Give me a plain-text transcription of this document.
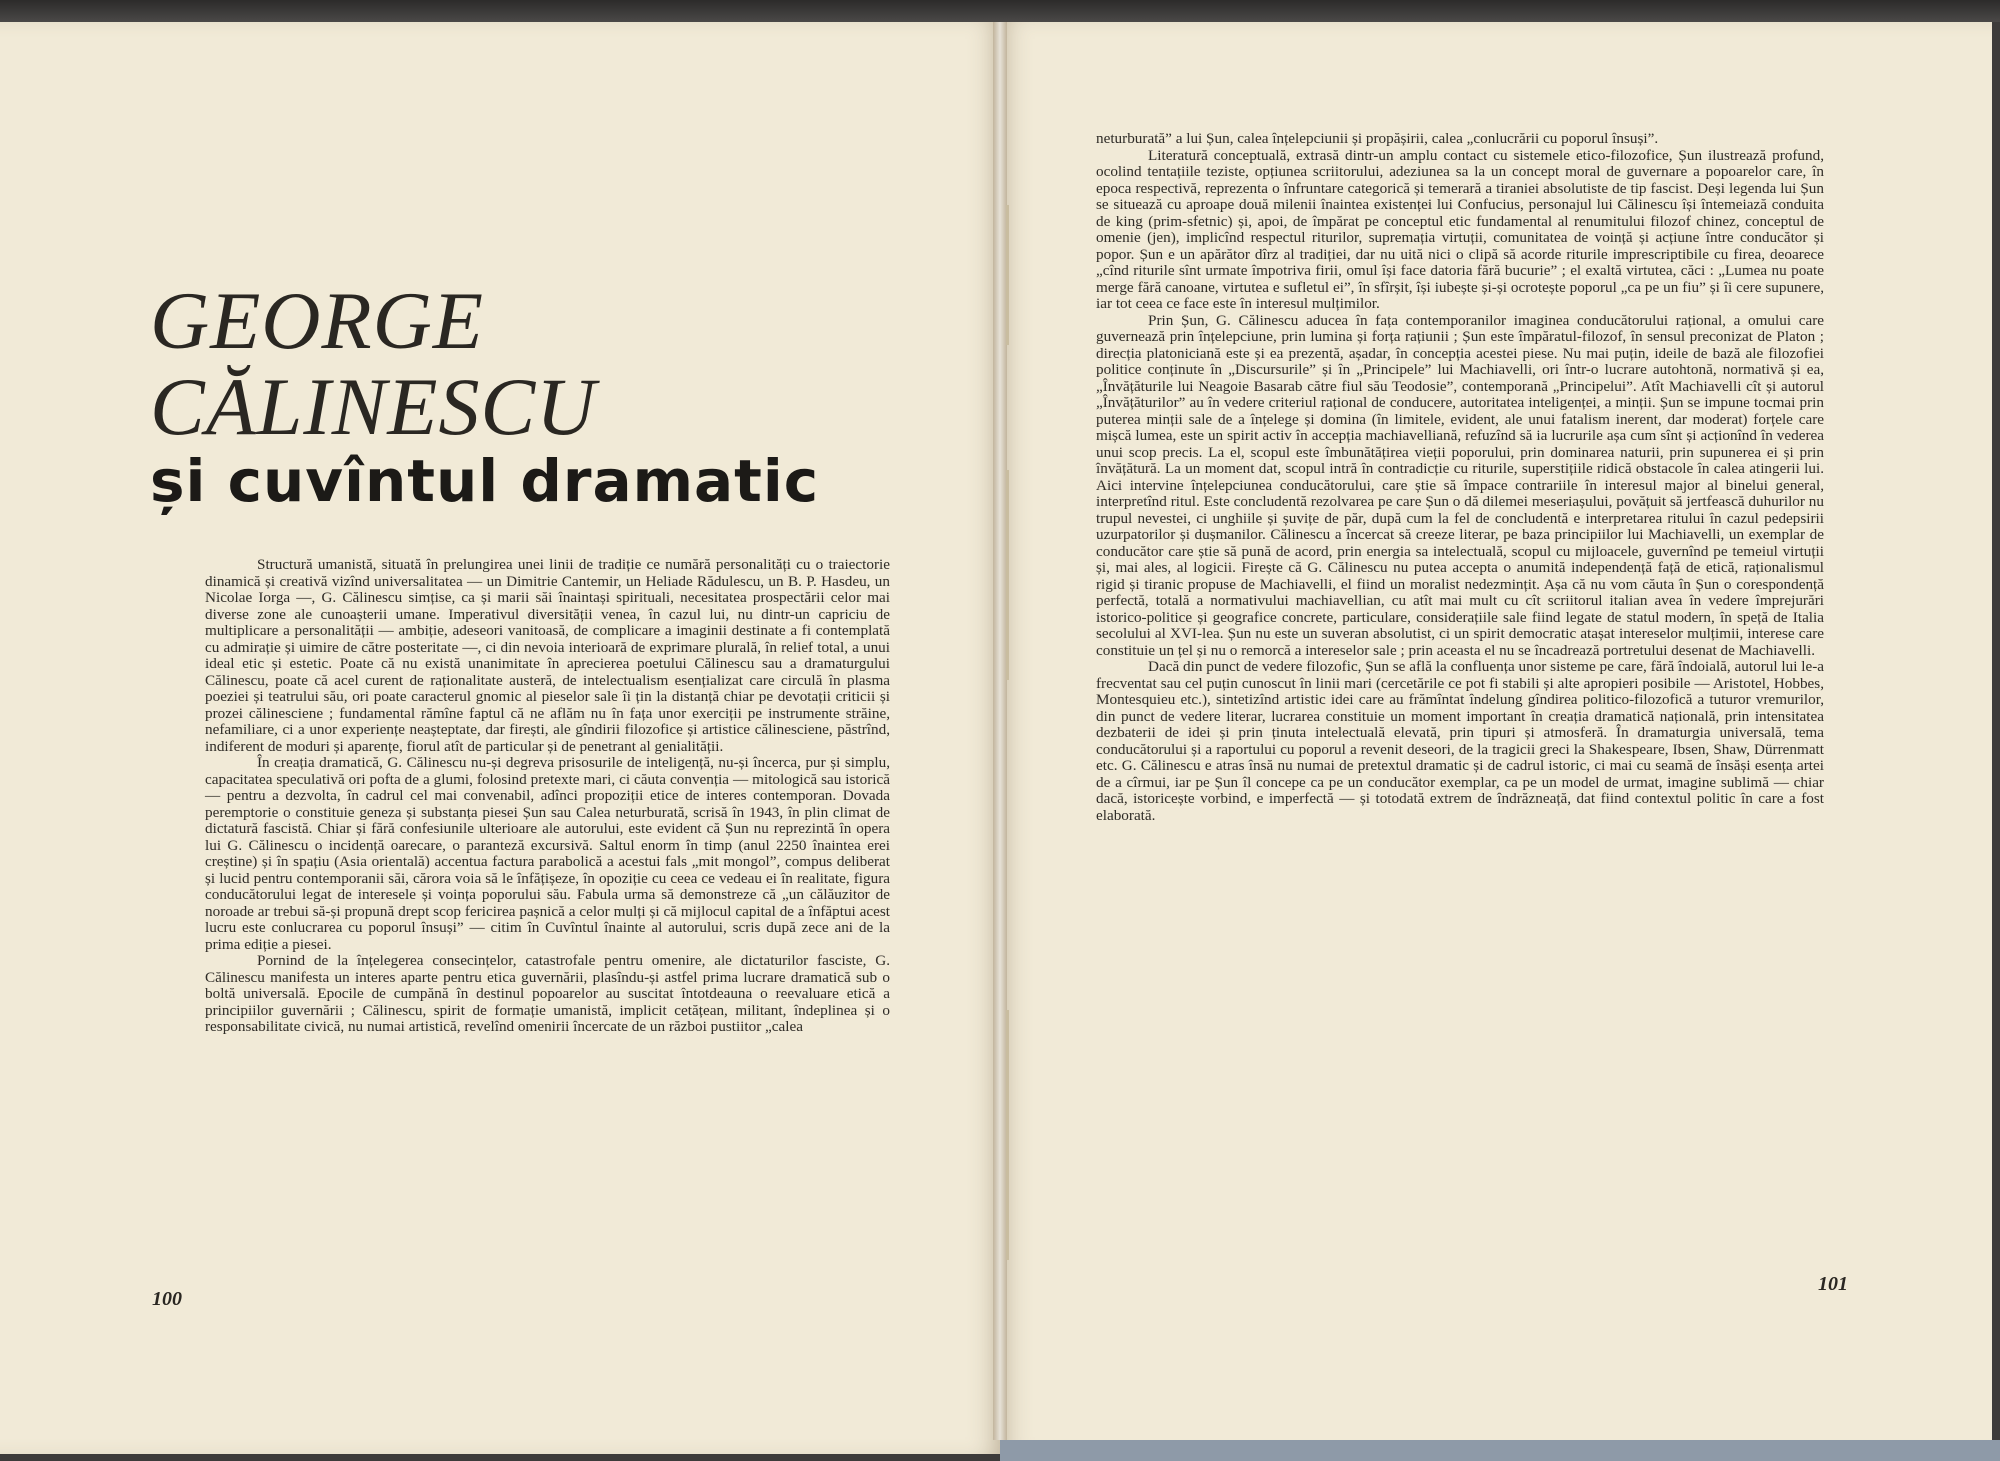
GEORGE
CĂLINESCU
și cuvîntul dramatic

Structură umanistă, situată în prelungirea unei linii de tradiție ce numără personalități cu o traiectorie dinamică și creativă vizînd universalitatea — un Dimitrie Cantemir, un Heliade Rădulescu, un B. P. Hasdeu, un Nicolae Iorga —, G. Călinescu simțise, ca și marii săi înaintași spirituali, necesitatea prospectării celor mai diverse zone ale cunoașterii umane. Imperativul diversității venea, în cazul lui, nu dintr-un capriciu de multiplicare a personalității — ambiție, adeseori vanitoasă, de complicare a imaginii destinate a fi contemplată cu admirație și uimire de către posteritate —, ci din nevoia interioară de exprimare plurală, în relief total, a unui ideal etic și estetic. Poate că nu există unanimitate în aprecierea poetului Călinescu sau a dramaturgului Călinescu, poate că acel curent de raționalitate austeră, de intelectualism esențializat care circulă în plasma poeziei și teatrului său, ori poate caracterul gnomic al pieselor sale îi țin la distanță chiar pe devotații criticii și prozei călinesciene ; fundamental rămîne faptul că ne aflăm nu în fața unor exerciții pe instrumente străine, nefamiliare, ci a unor experiențe neașteptate, dar firești, ale gîndirii filozofice și artistice călinesciene, păstrînd, indiferent de moduri și aparențe, fiorul atît de particular și de penetrant al genialității.

În creația dramatică, G. Călinescu nu-și degreva prisosurile de inteligență, nu-și încerca, pur și simplu, capacitatea speculativă ori pofta de a glumi, folosind pretexte mari, ci căuta convenția — mitologică sau istorică — pentru a dezvolta, în cadrul cel mai convenabil, adînci propoziții etice de interes contemporan. Dovada peremptorie o constituie geneza și substanța piesei Șun sau Calea neturburată, scrisă în 1943, în plin climat de dictatură fascistă. Chiar și fără confesiunile ulterioare ale autorului, este evident că Șun nu reprezintă în opera lui G. Călinescu o incidență oarecare, o paranteză excursivă. Saltul enorm în timp (anul 2250 înaintea erei creștine) și în spațiu (Asia orientală) accentua factura parabolică a acestui fals „mit mongol”, compus deliberat și lucid pentru contemporanii săi, cărora voia să le înfățișeze, în opoziție cu ceea ce vedeau ei în realitate, figura conducătorului legat de interesele și voința poporului său. Fabula urma să demonstreze că „un călăuzitor de noroade ar trebui să-și propună drept scop fericirea pașnică a celor mulți și că mijlocul capital de a înfăptui acest lucru este conlucrarea cu poporul însuși” — citim în Cuvîntul înainte al autorului, scris după zece ani de la prima ediție a piesei.

Pornind de la înțelegerea consecințelor, catastrofale pentru omenire, ale dictaturilor fasciste, G. Călinescu manifesta un interes aparte pentru etica guvernării, plasîndu-și astfel prima lucrare dramatică sub o boltă universală. Epocile de cumpănă în destinul popoarelor au suscitat întotdeauna o reevaluare etică a principiilor guvernării ; Călinescu, spirit de formație umanistă, implicit cetățean, militant, îndeplinea și o responsabilitate civică, nu numai artistică, revelînd omenirii încercate de un război pustiitor „calea

neturburată” a lui Șun, calea înțelepciunii și propășirii, calea „conlucrării cu poporul însuși”.

Literatură conceptuală, extrasă dintr-un amplu contact cu sistemele etico-filozofice, Șun ilustrează profund, ocolind tentațiile teziste, opțiunea scriitorului, adeziunea sa la un concept moral de guvernare a popoarelor care, în epoca respectivă, reprezenta o înfruntare categorică și temerară a tiraniei absolutiste de tip fascist. Deși legenda lui Șun se situează cu aproape două milenii înaintea existenței lui Confucius, personajul lui Călinescu își întemeiază conduita de king (prim-sfetnic) și, apoi, de împărat pe conceptul etic fundamental al renumitului filozof chinez, conceptul de omenie (jen), implicînd respectul riturilor, supremația virtuții, comunitatea de voință și acțiune între conducător și popor. Șun e un apărător dîrz al tradiției, dar nu uită nici o clipă să acorde riturile imprescriptibile cu firea, deoarece „cînd riturile sînt urmate împotriva firii, omul își face datoria fără bucurie” ; el exaltă virtutea, căci : „Lumea nu poate merge fără canoane, virtutea e sufletul ei”, în sfîrșit, își iubește și-și ocrotește poporul „ca pe un fiu” și îi cere supunere, iar tot ceea ce face este în interesul mulțimilor.

Prin Șun, G. Călinescu aducea în fața contemporanilor imaginea conducătorului rațional, a omului care guvernează prin înțelepciune, prin lumina și forța rațiunii ; Șun este împăratul-filozof, în sensul preconizat de Platon ; direcția platoniciană este și ea prezentă, așadar, în concepția acestei piese. Nu mai puțin, ideile de bază ale filozofiei politice conținute în „Discursurile” și în „Principele” lui Machiavelli, ori într-o lucrare autohtonă, normativă și ea, „Învățăturile lui Neagoie Basarab către fiul său Teodosie”, contemporană „Principelui”. Atît Machiavelli cît și autorul „Învățăturilor” au în vedere criteriul rațional de conducere, autoritatea inteligenței, a minții. Șun se impune tocmai prin puterea minții sale de a înțelege și domina (în limitele, evident, ale unui fatalism inerent, dar moderat) forțele care mișcă lumea, este un spirit activ în accepția machiavelliană, refuzînd să ia lucrurile așa cum sînt și acționînd în vederea unui scop precis. La el, scopul este îmbunătățirea vieții poporului, prin dominarea naturii, prin supunerea ei și prin învățătură. La un moment dat, scopul intră în contradicție cu riturile, superstițiile ridică obstacole în calea atingerii lui. Aici intervine înțelepciunea conducătorului, care știe să împace contrariile în interesul major al binelui general, interpretînd ritul. Este concludentă rezolvarea pe care Șun o dă dilemei meseriașului, povățuit să jertfească duhurilor nu trupul nevestei, ci unghiile și șuvițe de păr, după cum la fel de concludentă e interpretarea ritului în cazul pedepsirii uzurpatorilor și dușmanilor. Călinescu a încercat să creeze literar, pe baza principiilor lui Machiavelli, un exemplar de conducător care știe să pună de acord, prin energia sa intelectuală, scopul cu mijloacele, guvernînd pe temeiul virtuții și, mai ales, al logicii. Firește că G. Călinescu nu putea accepta o anumită independență față de etică, raționalismul rigid și tiranic propuse de Machiavelli, el fiind un moralist nedezmințit. Așa că nu vom căuta în Șun o corespondență perfectă, totală a normativului machiavellian, cu atît mai mult cu cît scriitorul italian avea în vedere împrejurări istorico-politice și geografice concrete, particulare, considerațiile sale fiind legate de statul modern, în speță de Italia secolului al XVI-lea. Șun nu este un suveran absolutist, ci un spirit democratic atașat intereselor mulțimii, interese care constituie un țel și nu o remorcă a intereselor sale ; prin aceasta el nu se încadrează portretului desenat de Machiavelli.

Dacă din punct de vedere filozofic, Șun se află la confluența unor sisteme pe care, fără îndoială, autorul lui le-a frecventat sau cel puțin cunoscut în linii mari (cercetările ce pot fi stabili și alte apropieri posibile — Aristotel, Hobbes, Montesquieu etc.), sintetizînd artistic idei care au frămîntat îndelung gîndirea politico-filozofică a tuturor vremurilor, din punct de vedere literar, lucrarea constituie un moment important în creația dramatică națională, prin intensitatea dezbaterii de idei și prin ținuta intelectuală elevată, prin tipuri și atmosferă. În dramaturgia universală, tema conducătorului și a raportului cu poporul a revenit deseori, de la tragicii greci la Shakespeare, Ibsen, Shaw, Dürrenmatt etc. G. Călinescu e atras însă nu numai de pretextul dramatic și de cadrul istoric, ci mai cu seamă de însăși esența artei de a cîrmui, iar pe Șun îl concepe ca pe un conducător exemplar, ca pe un model de urmat, imagine sublimă — chiar dacă, istoricește vorbind, e imperfectă — și totodată extrem de îndrăzneață, dat fiind contextul politic în care a fost elaborată.

100
101
